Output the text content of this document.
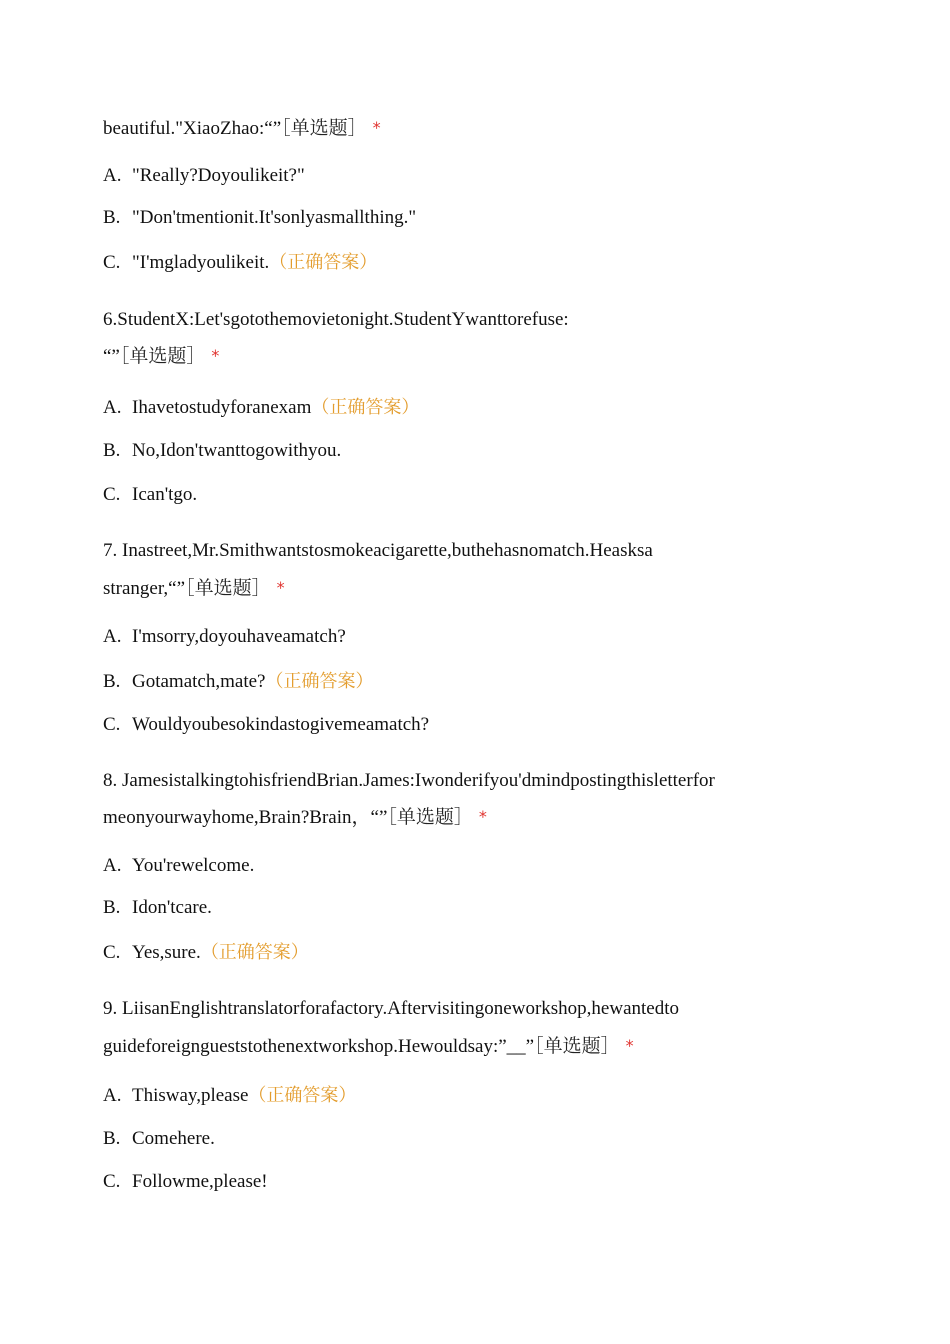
beautiful."XiaoZhao:“”［单选题］ *
A. "Really?Doyoulikeit?"
B. "Don'tmentionit.It'sonlyasmallthing."
C. "I'mgladyoulikeit.（正确答案）
6.StudentX:Let'sgotothemovietonight.StudentYwanttorefuse:
“”［单选题］ *
A. Ihavetostudyforanexam（正确答案）
B. No,Idon'twanttogowithyou.
C. Ican'tgo.
7. Inastreet,Mr.Smithwantstosmokeacigarette,buthehasnomatch.Heasksa
stranger,“”［单选题］ *
A. I'msorry,doyouhaveamatch?
B. Gotamatch,mate?（正确答案）
C. Wouldyoubesokindastogivemeamatch?
8. JamesistalkingtohisfriendBrian.James:Iwonderifyou'dmindpostingthisletterfor
meonyourwayhome,Brain?Brain，“”［单选题］ *
A. You'rewelcome.
B. Idon'tcare.
C. Yes,sure.（正确答案）
9. LiisanEnglishtranslatorforafactory.Aftervisitingoneworkshop,hewantedto
guideforeigngueststothenextworkshop.Hewouldsay:”__”［单选题］ *
A. Thisway,please（正确答案）
B. Comehere.
C. Followme,please!
